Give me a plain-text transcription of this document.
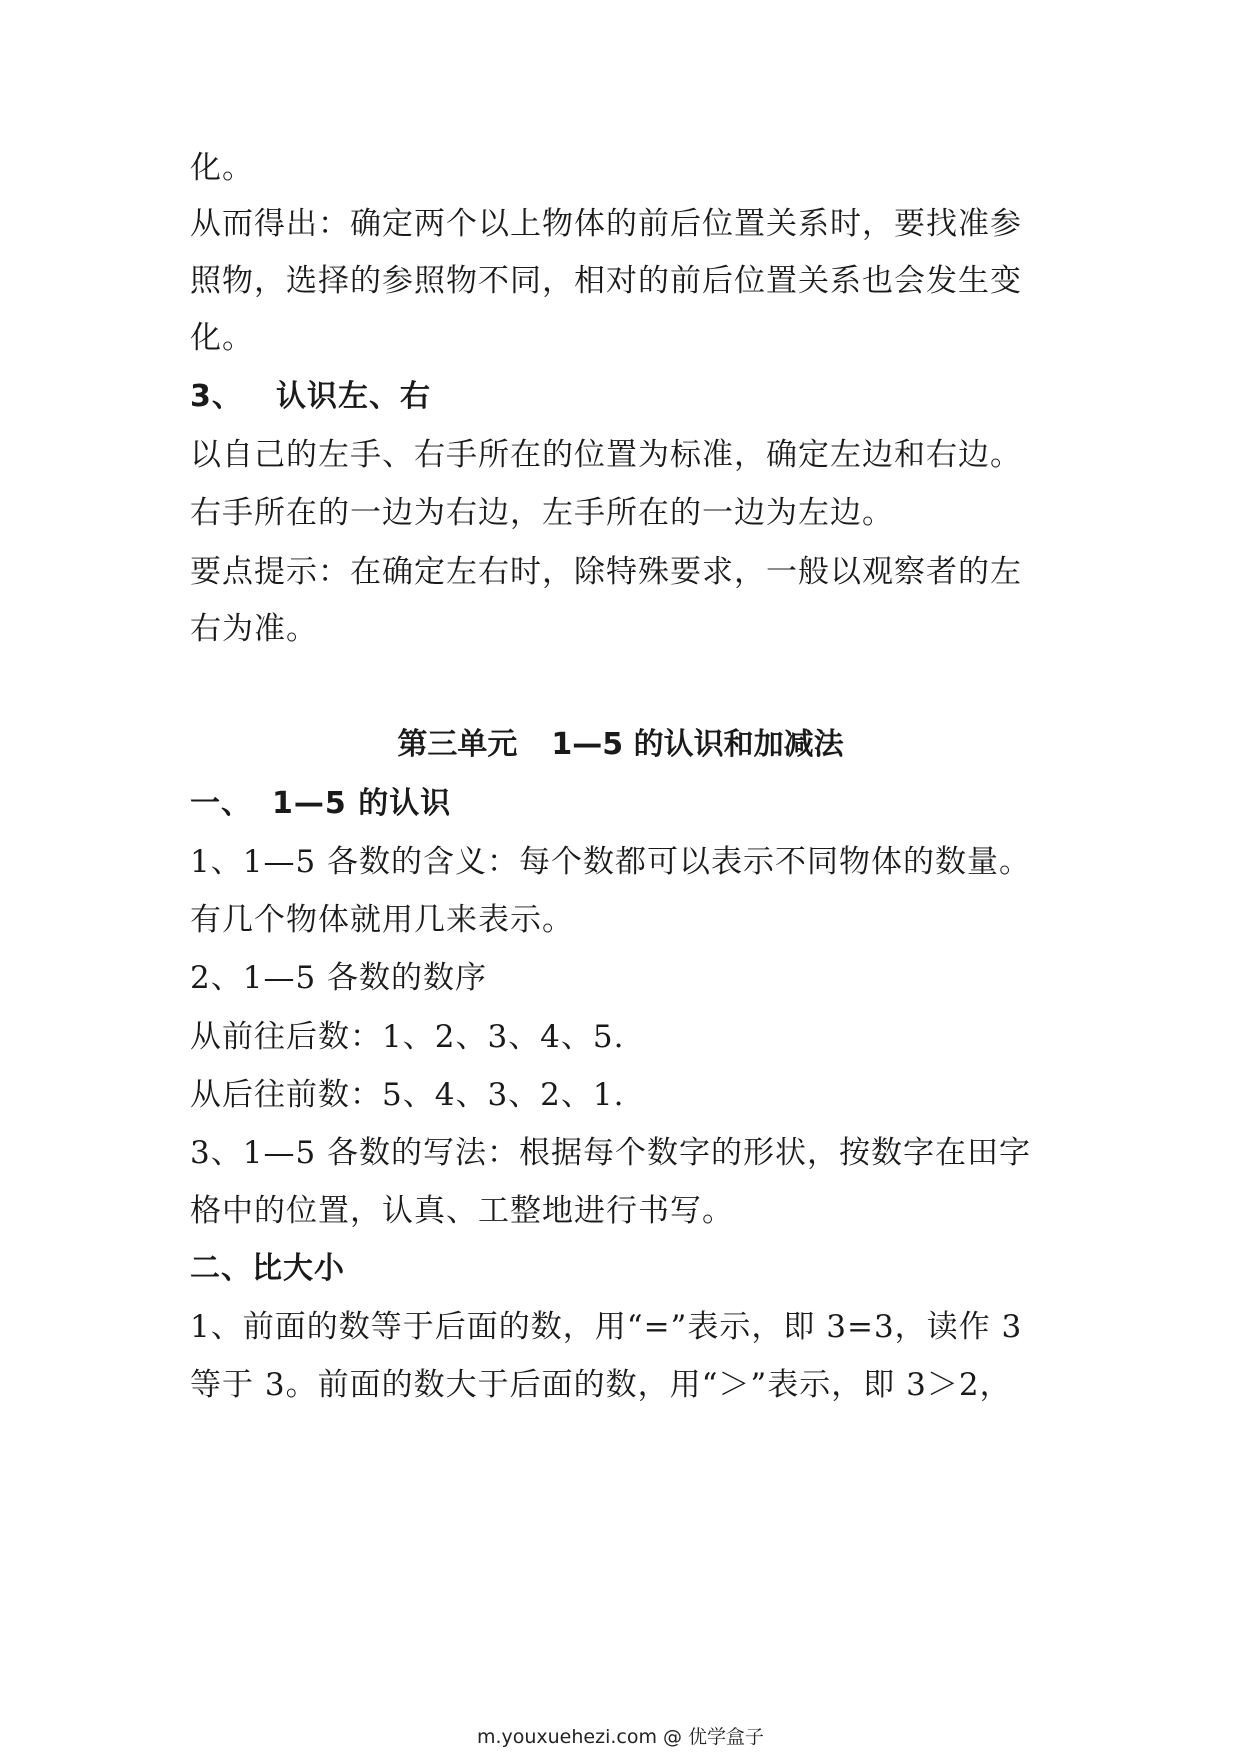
化。

从而得出：确定两个以上物体的前后位置关系时，要找准参

照物，选择的参照物不同，相对的前后位置关系也会发生变

化。

3、 认识左、右

以自己的左手、右手所在的位置为标准，确定左边和右边。

右手所在的一边为右边，左手所在的一边为左边。

要点提示：在确定左右时，除特殊要求，一般以观察者的左

右为准。

第三单元 1—5 的认识和加减法

一、 1—5 的认识

1、1—5 各数的含义：每个数都可以表示不同物体的数量。

有几个物体就用几来表示。

2、1—5 各数的数序

从前往后数：1、2、3、4、5.

从后往前数：5、4、3、2、1.

3、1—5 各数的写法：根据每个数字的形状，按数字在田字

格中的位置，认真、工整地进行书写。

二、比大小

1、前面的数等于后面的数，用“=”表示，即 3=3，读作 3

等于 3。前面的数大于后面的数，用“＞”表示，即 3＞2，

m.youxuehezi.com @ 优学盒子
